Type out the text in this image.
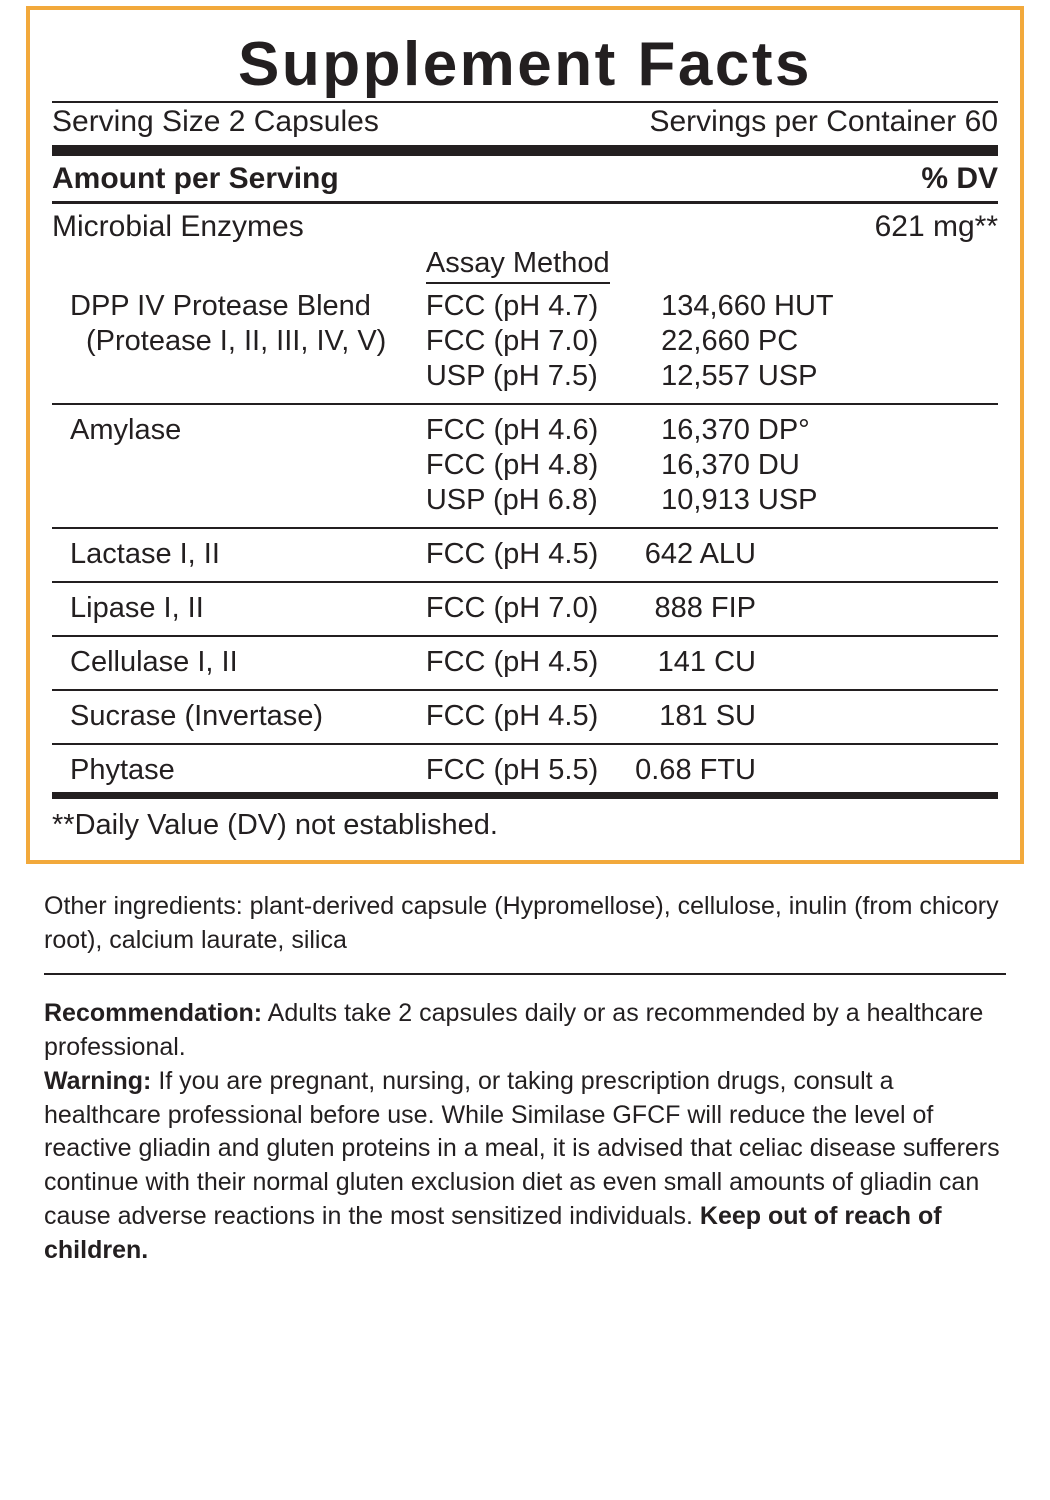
Supplement Facts
Serving Size 2 Capsules	Servings per Container 60
Amount per Serving	% DV
Microbial Enzymes	621 mg**
	Assay Method	
DPP IV Protease Blend	FCC (pH 4.7)	134,660 HUT
(Protease I, II, III, IV, V)	FCC (pH 7.0)	22,660 PC
	USP (pH 7.5)	12,557 USP

Amylase	FCC (pH 4.6)	16,370 DP°
	FCC (pH 4.8)	16,370 DU
	USP (pH 6.8)	10,913 USP

Lactase I, II	FCC (pH 4.5)	642 ALU

Lipase I, II	FCC (pH 7.0)	888 FIP

Cellulase I, II	FCC (pH 4.5)	141 CU

Sucrase (Invertase)	FCC (pH 4.5)	181 SU

Phytase	FCC (pH 5.5)	0.68 FTU
**Daily Value (DV) not established.

Other ingredients: plant-derived capsule (Hypromellose), cellulose, inulin (from chicory root), calcium laurate, silica

Recommendation: Adults take 2 capsules daily or as recommended by a healthcare professional.

Warning: If you are pregnant, nursing, or taking prescription drugs, consult a healthcare professional before use. While Similase GFCF will reduce the level of reactive gliadin and gluten proteins in a meal, it is advised that celiac disease sufferers continue with their normal gluten exclusion diet as even small amounts of gliadin can cause adverse reactions in the most sensitized individuals. Keep out of reach of children.
